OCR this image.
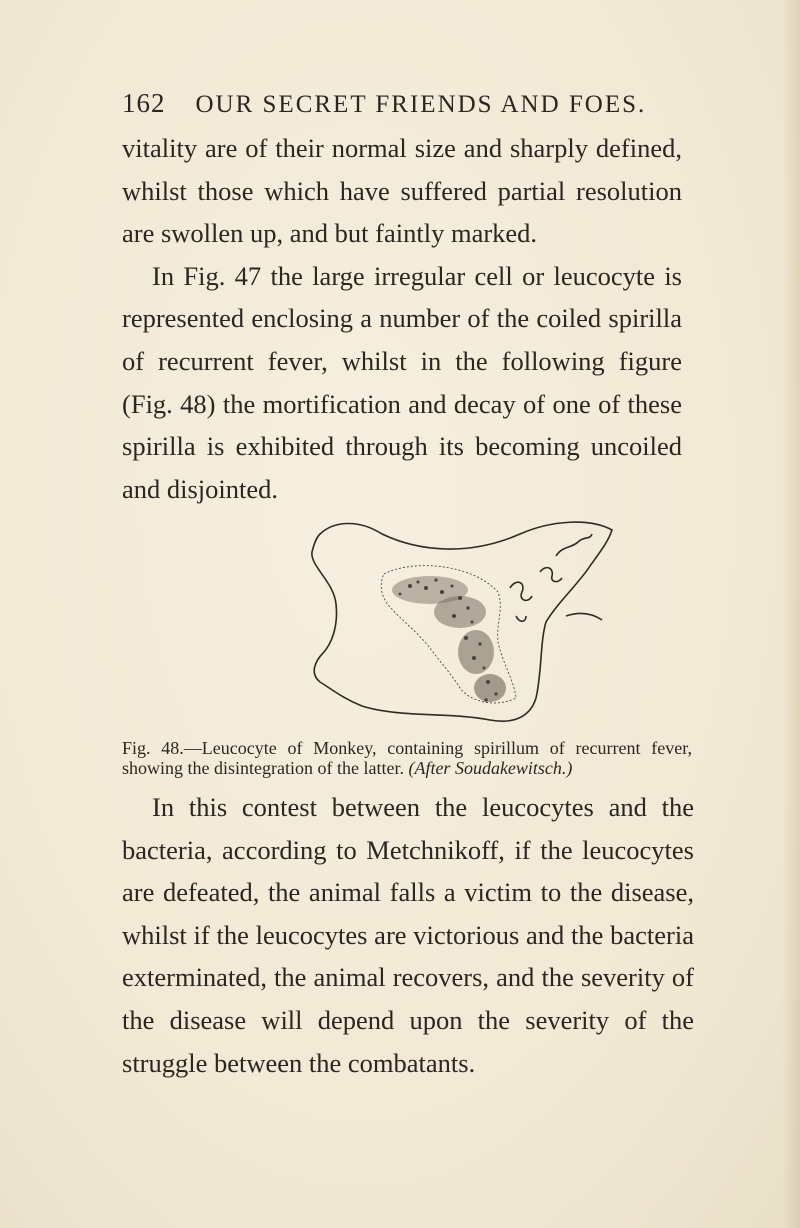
162 OUR SECRET FRIENDS AND FOES.

vitality are of their normal size and sharply defined, whilst those which have suffered partial resolution are swollen up, and but faintly marked.

In Fig. 47 the large irregular cell or leucocyte is represented enclosing a number of the coiled spirilla of recurrent fever, whilst in the following figure (Fig. 48) the mortification and decay of one of these spirilla is exhibited through its becoming uncoiled and disjointed.

Fig. 48.—Leucocyte of Monkey, containing spirillum of recurrent fever, showing the disintegration of the latter. (After Soudakewitsch.)

In this contest between the leucocytes and the bacteria, according to Metchnikoff, if the leucocytes are defeated, the animal falls a victim to the disease, whilst if the leucocytes are victorious and the bacteria exterminated, the animal recovers, and the severity of the disease will depend upon the severity of the struggle between the combatants.
